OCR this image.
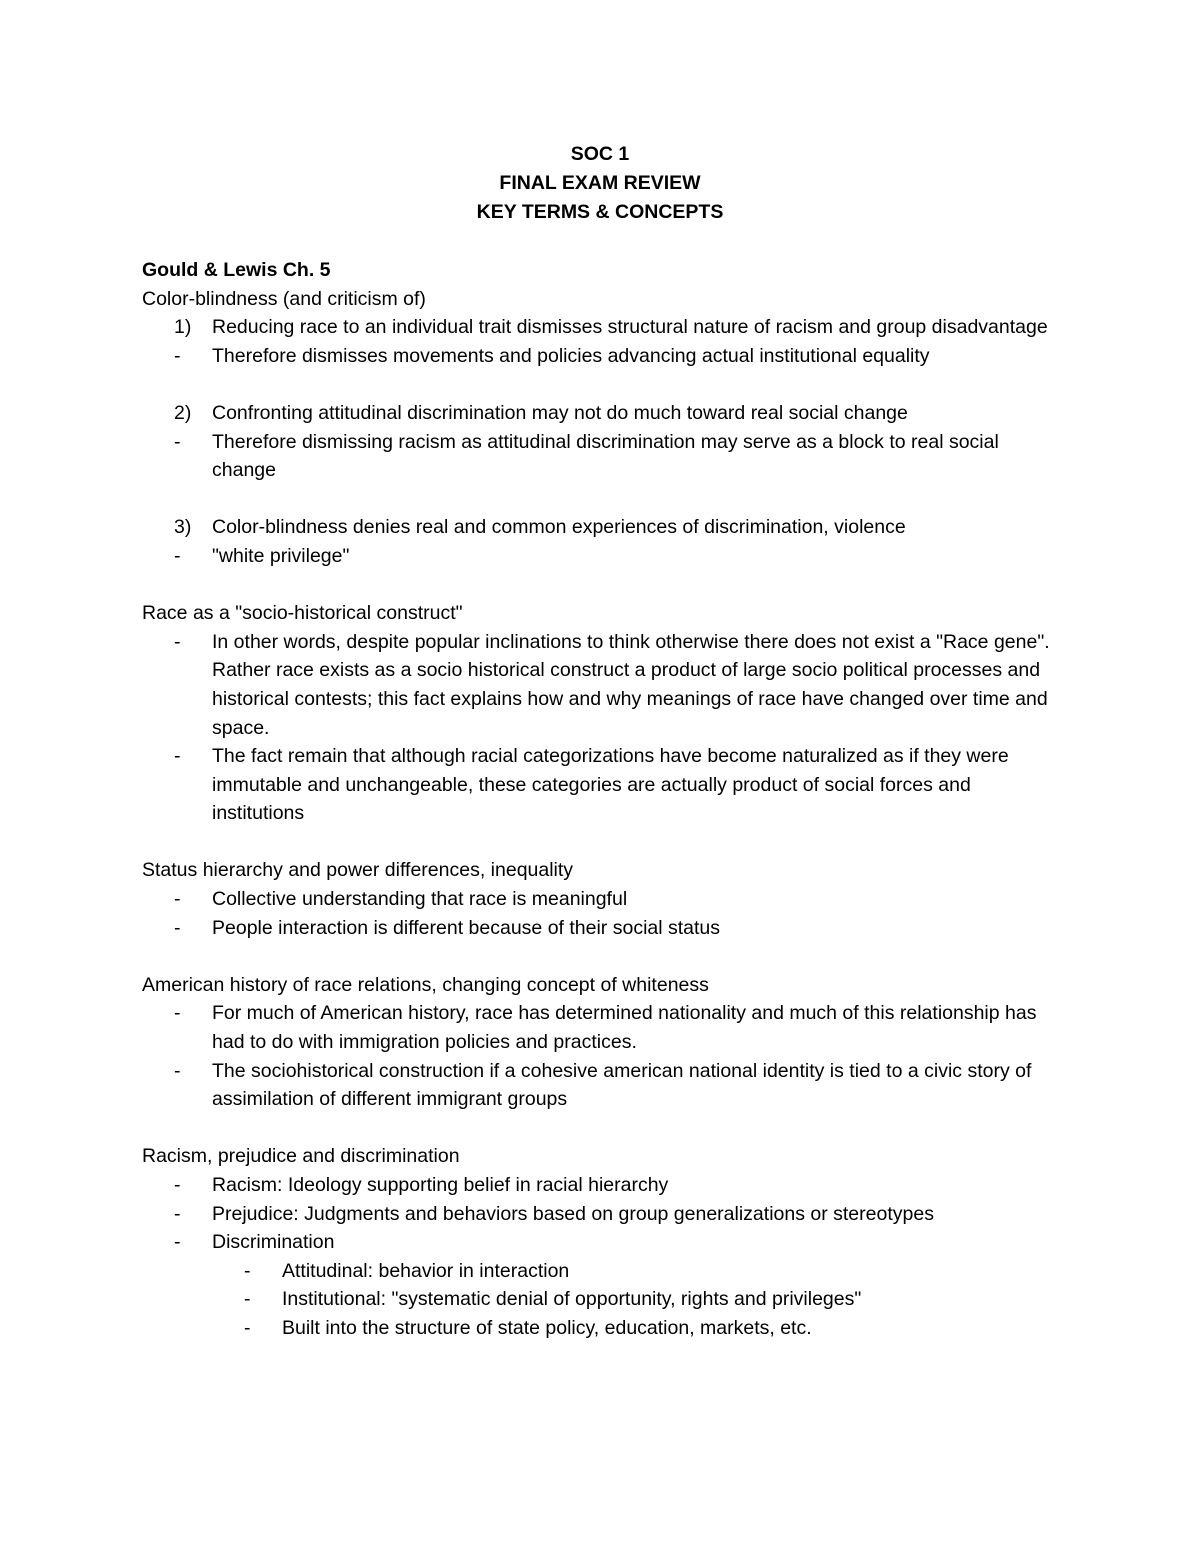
SOC 1
FINAL EXAM REVIEW
KEY TERMS & CONCEPTS
Gould & Lewis Ch. 5
Color-blindness (and criticism of)
1)	Reducing race to an individual trait dismisses structural nature of racism and group disadvantage
-	Therefore dismisses movements and policies advancing actual institutional equality
2)	Confronting attitudinal discrimination may not do much toward real social change
-	Therefore dismissing racism as attitudinal discrimination may serve as a block to real social change
3)	Color-blindness denies real and common experiences of discrimination, violence
-	"white privilege"
Race as a "socio-historical construct"
-	In other words, despite popular inclinations to think otherwise there does not exist a "Race gene". Rather race exists as a socio historical construct a product of large socio political processes and historical contests; this fact explains how and why meanings of race have changed over time and space.
-	The fact remain that although racial categorizations have become naturalized as if they were immutable and unchangeable, these categories are actually product of social forces and institutions
Status hierarchy and power differences, inequality
-	Collective understanding that race is meaningful
-	People interaction is different because of their social status
American history of race relations, changing concept of whiteness
-	For much of American history, race has determined nationality and much of this relationship has had to do with immigration policies and practices.
-	The sociohistorical construction if a cohesive american national identity is tied to a civic story of assimilation of different immigrant groups
Racism, prejudice and discrimination
-	Racism: Ideology supporting belief in racial hierarchy
-	Prejudice: Judgments and behaviors based on group generalizations or stereotypes
-	Discrimination
-	Attitudinal: behavior in interaction
-	Institutional: "systematic denial of opportunity, rights and privileges"
-	Built into the structure of state policy, education, markets, etc.
